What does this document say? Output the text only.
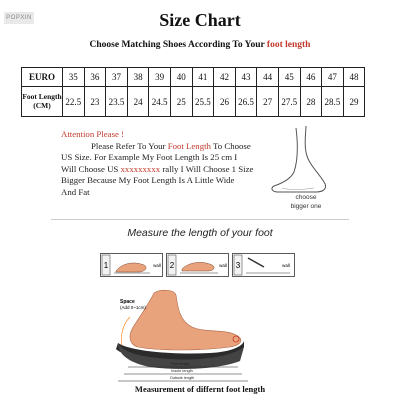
POPXIN	Size Chart
Choose Matching Shoes According To Your foot length
EURO	35	36	37	38	39	40	41	42	43	44	45	46	47	48
Foot Length (CM)	22.5	23	23.5	24	24.5	25	25.5	26	26.5	27	27.5	28	28.5	29

Attention Please !

Please Refer To Your Foot Length To Choose

US Size. For Example My Foot Length Is 25 cm I

Will Choose US xxxxxxxxx rally I Will Choose 1 Size

Bigger Because My Foot Length Is A Little Wide

And Fat

choose bigger one
Measure the length of your foot
1	2	3
wall	wall	wall
Space
(Add 0~1cm)
Foot length
Insole length
Outsole length
Measurement of differnt foot length
